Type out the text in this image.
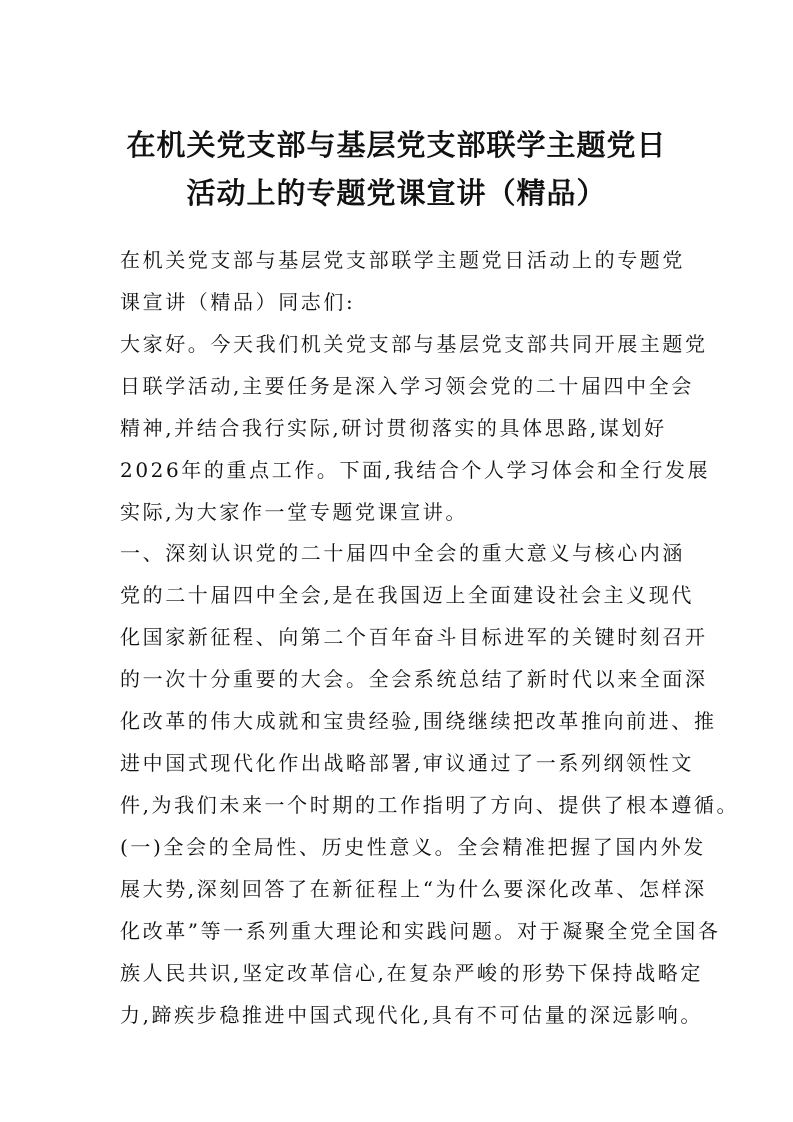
在机关党支部与基层党支部联学主题党日
活动上的专题党课宣讲（精品）
在机关党支部与基层党支部联学主题党日活动上的专题党
课宣讲（精品）同志们:
大家好。今天我们机关党支部与基层党支部共同开展主题党
日联学活动,主要任务是深入学习领会党的二十届四中全会
精神,并结合我行实际,研讨贯彻落实的具体思路,谋划好
2026年的重点工作。下面,我结合个人学习体会和全行发展
实际,为大家作一堂专题党课宣讲。
一、深刻认识党的二十届四中全会的重大意义与核心内涵
党的二十届四中全会,是在我国迈上全面建设社会主义现代
化国家新征程、向第二个百年奋斗目标进军的关键时刻召开
的一次十分重要的大会。全会系统总结了新时代以来全面深
化改革的伟大成就和宝贵经验,围绕继续把改革推向前进、推
进中国式现代化作出战略部署,审议通过了一系列纲领性文
件,为我们未来一个时期的工作指明了方向、提供了根本遵循。
(一)全会的全局性、历史性意义。全会精准把握了国内外发
展大势,深刻回答了在新征程上“为什么要深化改革、怎样深
化改革”等一系列重大理论和实践问题。对于凝聚全党全国各
族人民共识,坚定改革信心,在复杂严峻的形势下保持战略定
力,蹄疾步稳推进中国式现代化,具有不可估量的深远影响。
